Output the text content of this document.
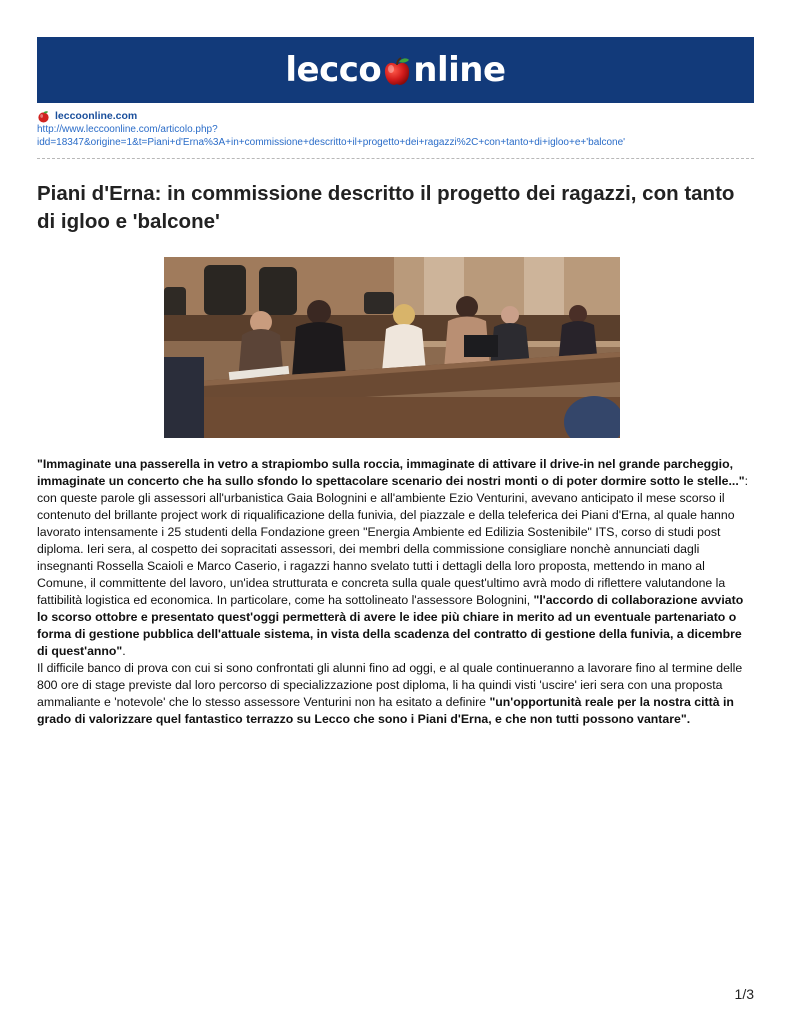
lecco nline
leccoonline.com
http://www.leccoonline.com/articolo.php?
idd=18347&origine=1&t=Piani+d'Erna%3A+in+commissione+descritto+il+progetto+dei+ragazzi%2C+con+tanto+di+igloo+e+'balcone'
Piani d'Erna: in commissione descritto il progetto dei ragazzi, con tanto di igloo e 'balcone'

"Immaginate una passerella in vetro a strapiombo sulla roccia, immaginate di attivare il drive-in nel grande parcheggio, immaginate un concerto che ha sullo sfondo lo spettacolare scenario dei nostri monti o di poter dormire sotto le stelle...": con queste parole gli assessori all'urbanistica Gaia Bolognini e all'ambiente Ezio Venturini, avevano anticipato il mese scorso il contenuto del brillante project work di riqualificazione della funivia, del piazzale e della teleferica dei Piani d'Erna, al quale hanno lavorato intensamente i 25 studenti della Fondazione green "Energia Ambiente ed Edilizia Sostenibile" ITS, corso di studi post diploma. Ieri sera, al cospetto dei sopracitati assessori, dei membri della commissione consigliare nonchè annunciati dagli insegnanti Rossella Scaioli e Marco Caserio, i ragazzi hanno svelato tutti i dettagli della loro proposta, mettendo in mano al Comune, il committente del lavoro, un'idea strutturata e concreta sulla quale quest'ultimo avrà modo di riflettere valutandone la fattibilità logistica ed economica. In particolare, come ha sottolineato l'assessore Bolognini, "l'accordo di collaborazione avviato lo scorso ottobre e presentato quest'oggi permetterà di avere le idee più chiare in merito ad un eventuale partenariato o forma di gestione pubblica dell'attuale sistema, in vista della scadenza del contratto di gestione della funivia, a dicembre di quest'anno".

Il difficile banco di prova con cui si sono confrontati gli alunni fino ad oggi, e al quale continueranno a lavorare fino al termine delle 800 ore di stage previste dal loro percorso di specializzazione post diploma, li ha quindi visti 'uscire' ieri sera con una proposta ammaliante e 'notevole' che lo stesso assessore Venturini non ha esitato a definire "un'opportunità reale per la nostra città in grado di valorizzare quel fantastico terrazzo su Lecco che sono i Piani d'Erna, e che non tutti possono vantare".

1/3
